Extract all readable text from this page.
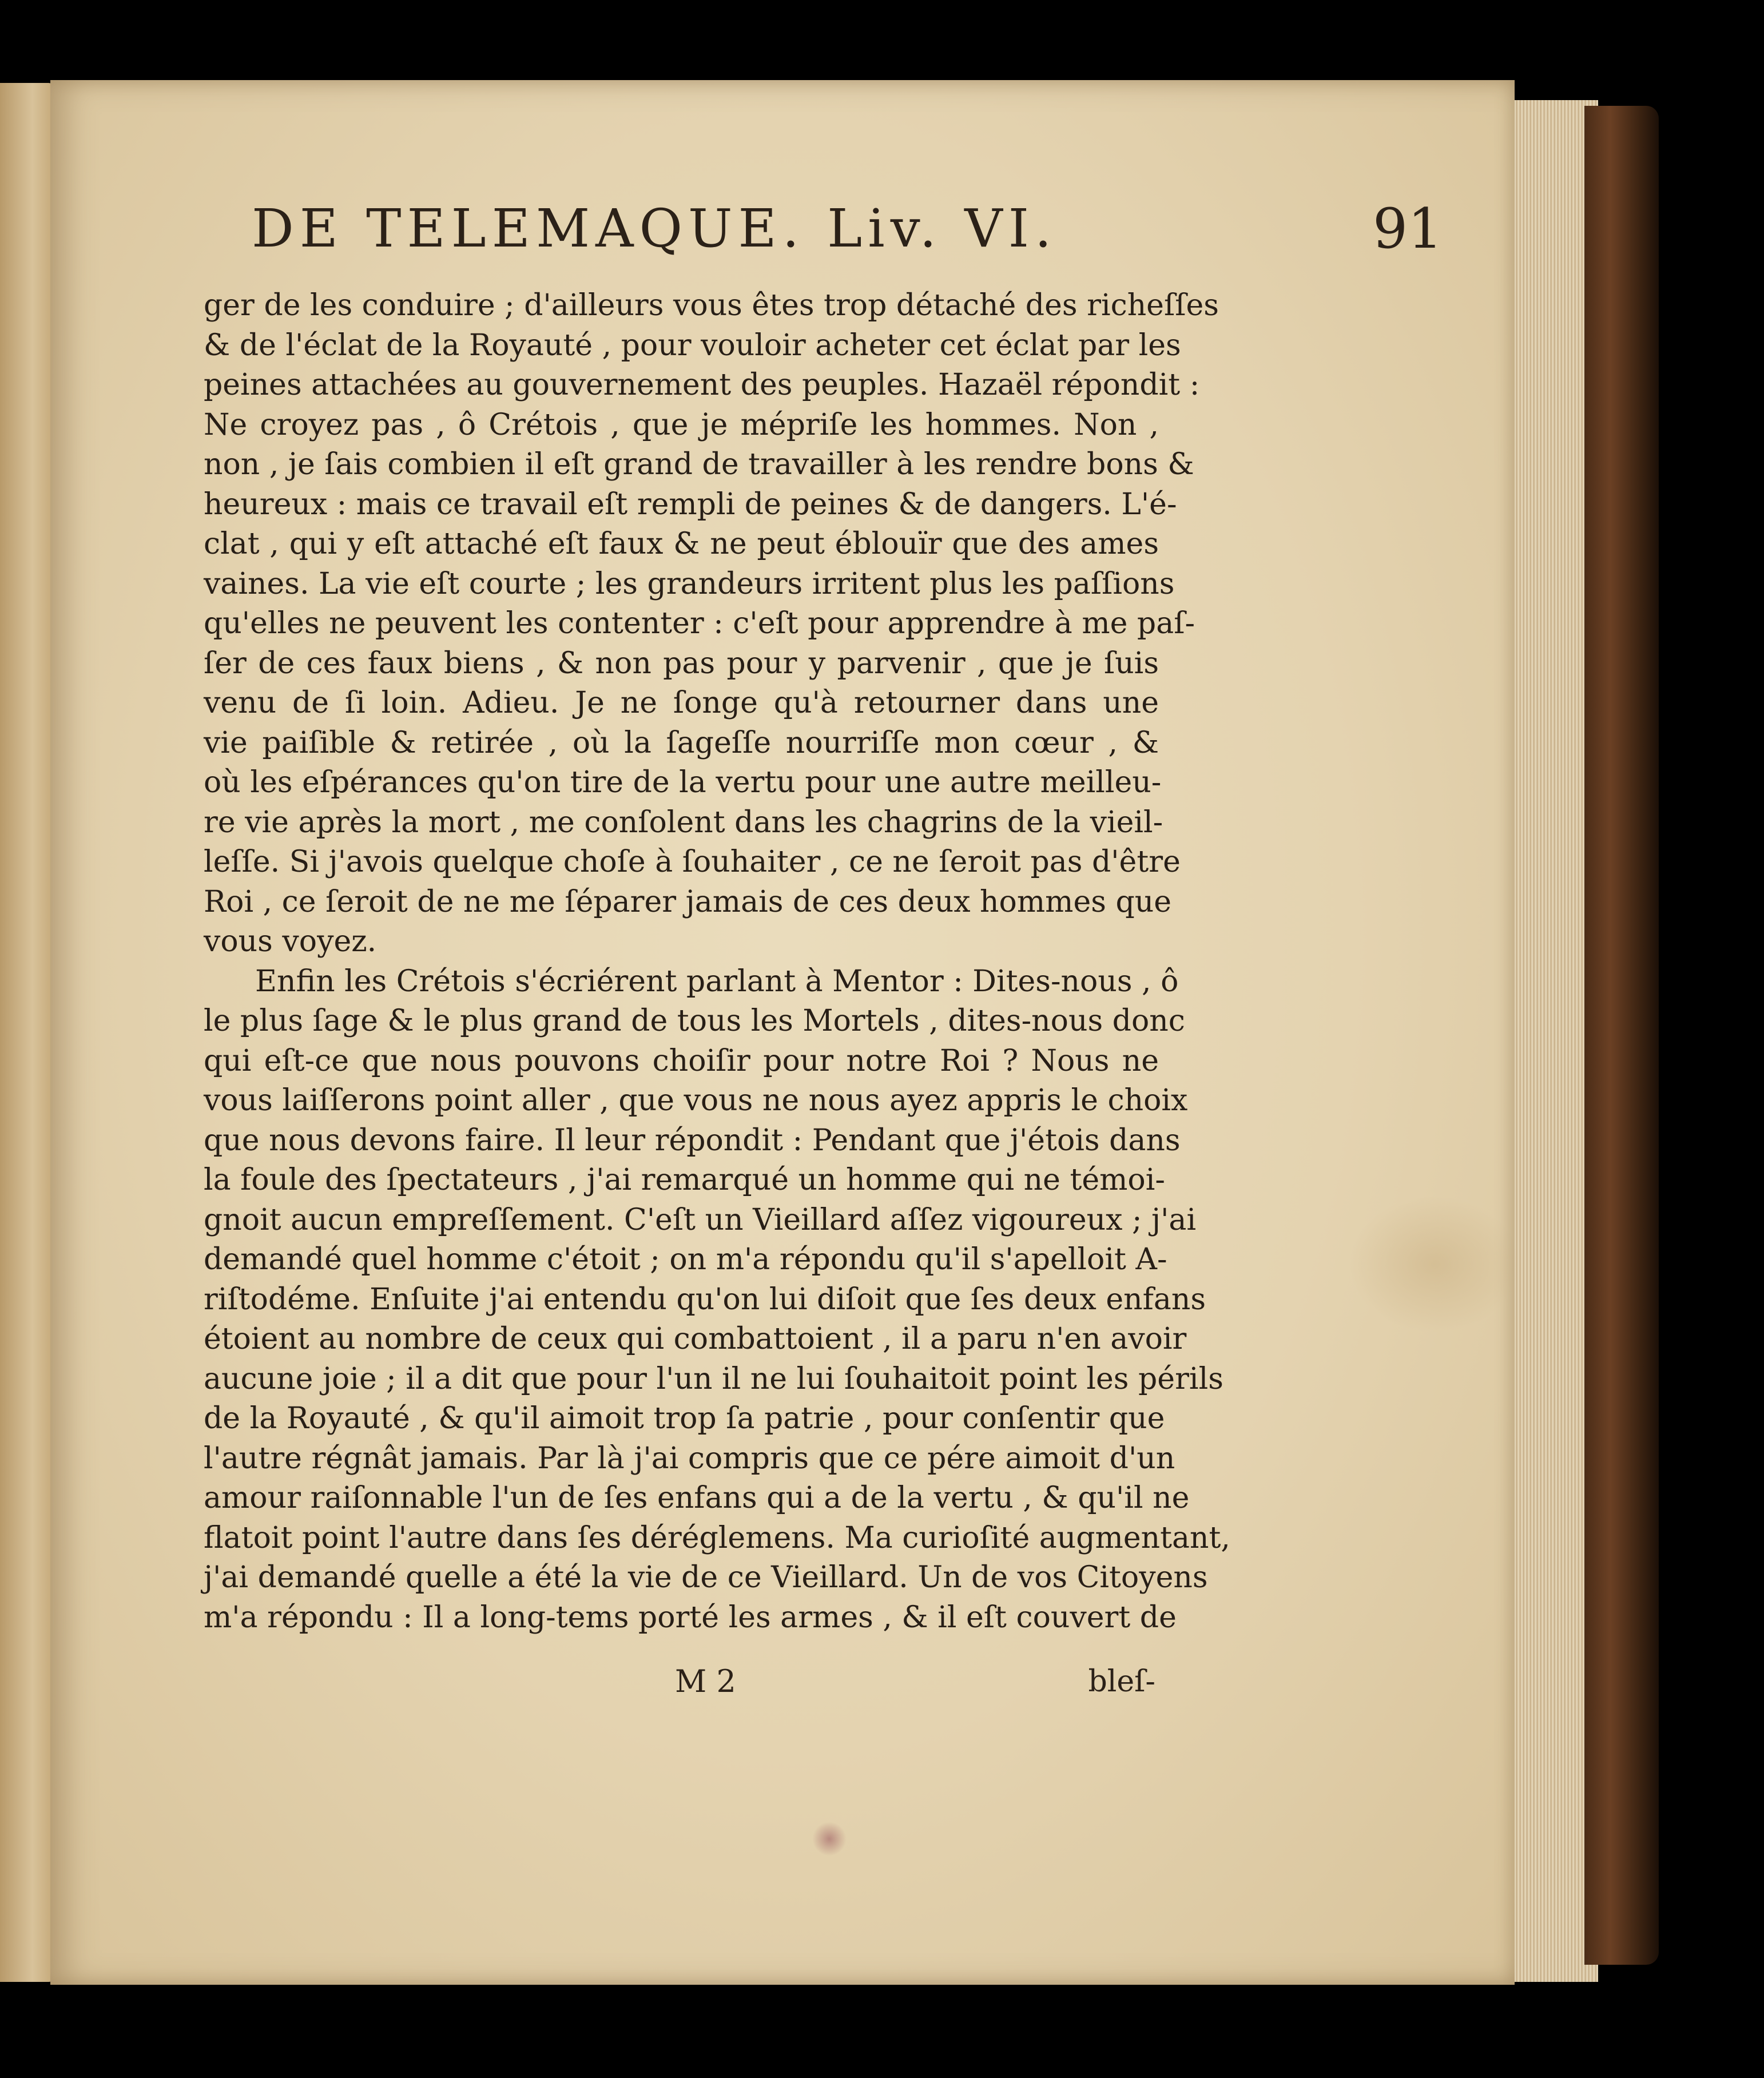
DE TELEMAQUE. Liv. VI.	91
ger de les conduire ; d'ailleurs vous êtes trop détaché des richeſſes
& de l'éclat de la Royauté , pour vouloir acheter cet éclat par les
peines attachées au gouvernement des peuples. Hazaël répondit :
Ne croyez pas , ô Crétois , que je mépriſe les hommes. Non ,
non , je ſais combien il eſt grand de travailler à les rendre bons &
heureux : mais ce travail eſt rempli de peines & de dangers. L'é-
clat , qui y eſt attaché eſt faux & ne peut éblouïr que des ames
vaines. La vie eſt courte ; les grandeurs irritent plus les paſſions
qu'elles ne peuvent les contenter : c'eſt pour apprendre à me paſ-
ſer de ces faux biens , & non pas pour y parvenir , que je ſuis
venu de ſi loin. Adieu. Je ne ſonge qu'à retourner dans une
vie paiſible & retirée , où la ſageſſe nourriſſe mon cœur , &
où les eſpérances qu'on tire de la vertu pour une autre meilleu-
re vie après la mort , me conſolent dans les chagrins de la vieil-
leſſe. Si j'avois quelque choſe à ſouhaiter , ce ne ſeroit pas d'être
Roi , ce ſeroit de ne me ſéparer jamais de ces deux hommes que
vous voyez.
Enfin les Crétois s'écriérent parlant à Mentor : Dites-nous , ô
le plus ſage & le plus grand de tous les Mortels , dites-nous donc
qui eſt-ce que nous pouvons choiſir pour notre Roi ? Nous ne
vous laiſſerons point aller , que vous ne nous ayez appris le choix
que nous devons faire. Il leur répondit : Pendant que j'étois dans
la foule des ſpectateurs , j'ai remarqué un homme qui ne témoi-
gnoit aucun empreſſement. C'eſt un Vieillard aſſez vigoureux ; j'ai
demandé quel homme c'étoit ; on m'a répondu qu'il s'apelloit A-
riſtodéme. Enſuite j'ai entendu qu'on lui diſoit que ſes deux enfans
étoient au nombre de ceux qui combattoient , il a paru n'en avoir
aucune joie ; il a dit que pour l'un il ne lui ſouhaitoit point les périls
de la Royauté , & qu'il aimoit trop ſa patrie , pour conſentir que
l'autre régnât jamais. Par là j'ai compris que ce pére aimoit d'un
amour raiſonnable l'un de ſes enfans qui a de la vertu , & qu'il ne
flatoit point l'autre dans ſes déréglemens. Ma curioſité augmentant,
j'ai demandé quelle a été la vie de ce Vieillard. Un de vos Citoyens
m'a répondu : Il a long-tems porté les armes , & il eſt couvert de
M 2	bleſ-
